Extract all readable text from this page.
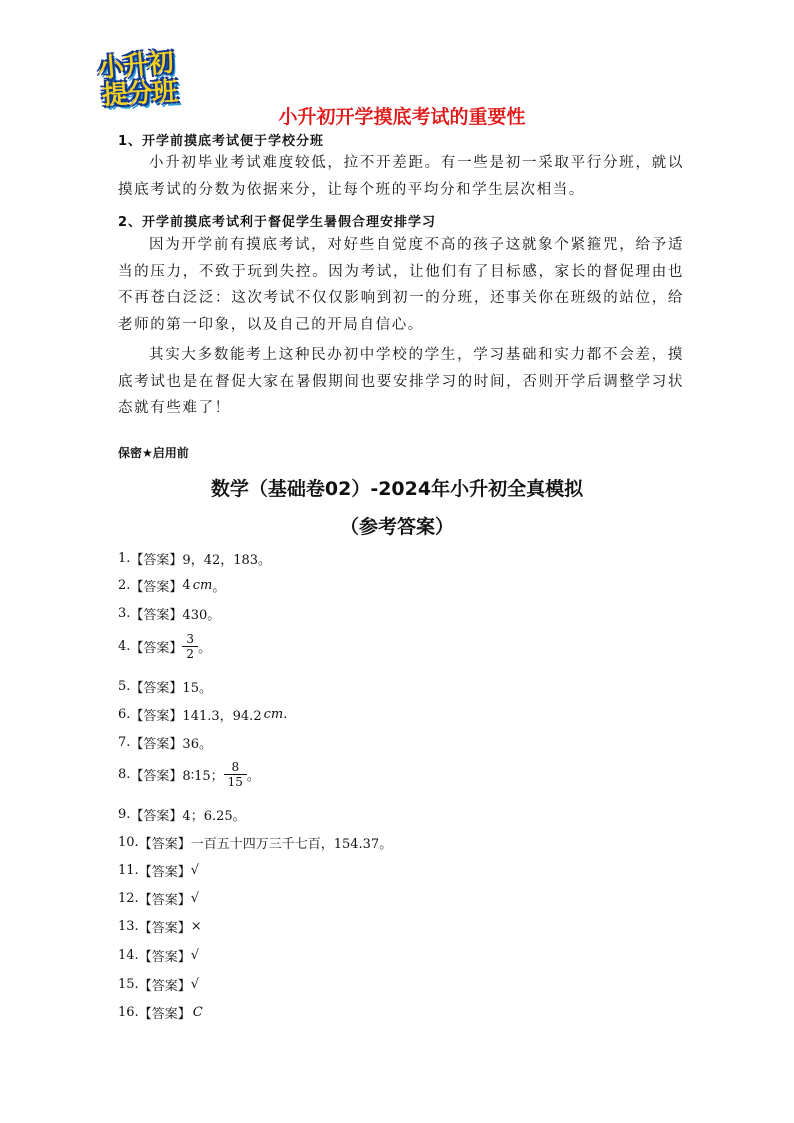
小升初
提分班
小升初开学摸底考试的重要性
1、开学前摸底考试便于学校分班
小升初毕业考试难度较低，拉不开差距。有一些是初一采取平行分班，就以摸底考试的分数为依据来分，让每个班的平均分和学生层次相当。
2、开学前摸底考试利于督促学生暑假合理安排学习
因为开学前有摸底考试，对好些自觉度不高的孩子这就象个紧箍咒，给予适当的压力，不致于玩到失控。因为考试，让他们有了目标感，家长的督促理由也不再苍白泛泛：这次考试不仅仅影响到初一的分班，还事关你在班级的站位，给老师的第一印象，以及自己的开局自信心。
其实大多数能考上这种民办初中学校的学生，学习基础和实力都不会差，摸底考试也是在督促大家在暑假期间也要安排学习的时间，否则开学后调整学习状态就有些难了！
保密★启用前
数学（基础卷02）-2024年小升初全真模拟
（参考答案）
1. 【答案】 9，42，183。
2. 【答案】 4 cm 。
3. 【答案】 430。
4. 【答案】 $\frac{3}{2}$ 。
5. 【答案】 15。
6. 【答案】 141.3，94.2 cm .
7. 【答案】 36。
8. 【答案】 8∶15； $\frac{8}{15}$ 。
9. 【答案】 4；6.25。
10. 【答案】 一百五十四万三千七百，154.37。
11. 【答案】 √
12. 【答案】 √
13. 【答案】 ×
14. 【答案】 √
15. 【答案】 √
16. 【答案】 C
